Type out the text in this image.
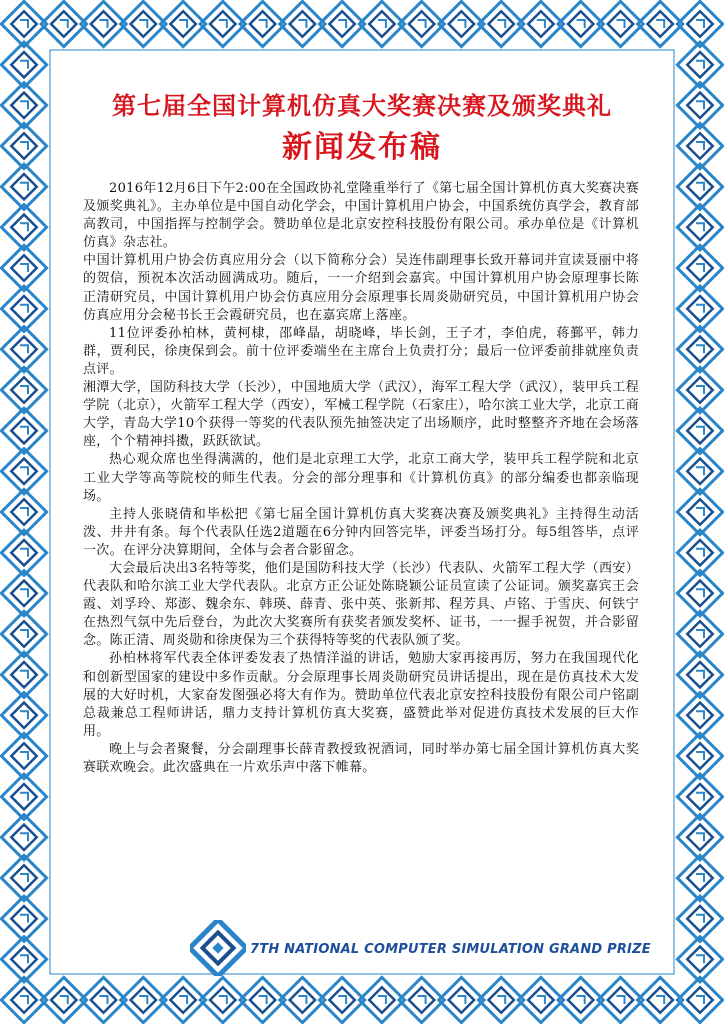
第七届全国计算机仿真大奖赛决赛及颁奖典礼
新闻发布稿

2016年12月6日下午2:00在全国政协礼堂隆重举行了《第七届全国计算机仿真大奖赛决赛及颁奖典礼》。主办单位是中国自动化学会，中国计算机用户协会，中国系统仿真学会，教育部高教司，中国指挥与控制学会。赞助单位是北京安控科技股份有限公司。承办单位是《计算机仿真》杂志社。

中国计算机用户协会仿真应用分会（以下简称分会）吴连伟副理事长致开幕词并宣读聂丽中将的贺信，预祝本次活动圆满成功。随后，一一介绍到会嘉宾。中国计算机用户协会原理事长陈正清研究员，中国计算机用户协会仿真应用分会原理事长周炎勋研究员，中国计算机用户协会仿真应用分会秘书长王会霞研究员，也在嘉宾席上落座。

11位评委孙柏林，黄柯棣，邵峰晶，胡晓峰，毕长剑，王子才，李伯虎，蒋鄞平，韩力群，贾利民，徐庚保到会。前十位评委端坐在主席台上负责打分；最后一位评委前排就座负责点评。

湘潭大学，国防科技大学（长沙），中国地质大学（武汉），海军工程大学（武汉），装甲兵工程学院（北京），火箭军工程大学（西安），军械工程学院（石家庄），哈尔滨工业大学，北京工商大学，青岛大学10个获得一等奖的代表队预先抽签决定了出场顺序，此时整整齐齐地在会场落座，个个精神抖擞，跃跃欲试。

热心观众席也坐得满满的，他们是北京理工大学，北京工商大学，装甲兵工程学院和北京工业大学等高等院校的师生代表。分会的部分理事和《计算机仿真》的部分编委也都亲临现场。

主持人张晓倩和毕松把《第七届全国计算机仿真大奖赛决赛及颁奖典礼》主持得生动活泼、井井有条。每个代表队任选2道题在6分钟内回答完毕，评委当场打分。每5组答毕，点评一次。在评分决算期间，全体与会者合影留念。

大会最后决出3名特等奖，他们是国防科技大学（长沙）代表队、火箭军工程大学（西安）代表队和哈尔滨工业大学代表队。北京方正公证处陈晓颖公证员宣读了公证词。颁奖嘉宾王会霞、刘孚玲、郑澎、魏余东、韩瑛、薛青、张中英、张新邦、程芳具、卢铭、于雪庆、何铁宁在热烈气氛中先后登台，为此次大奖赛所有获奖者颁发奖杯、证书，一一握手祝贺，并合影留念。陈正清、周炎勋和徐庚保为三个获得特等奖的代表队颁了奖。

孙柏林将军代表全体评委发表了热情洋溢的讲话，勉励大家再接再厉，努力在我国现代化和创新型国家的建设中多作贡献。分会原理事长周炎勋研究员讲话提出，现在是仿真技术大发展的大好时机，大家奋发图强必将大有作为。赞助单位代表北京安控科技股份有限公司户铭副总裁兼总工程师讲话，鼎力支持计算机仿真大奖赛，盛赞此举对促进仿真技术发展的巨大作用。

晚上与会者聚餐，分会副理事长薛青教授致祝酒词，同时举办第七届全国计算机仿真大奖赛联欢晚会。此次盛典在一片欢乐声中落下帷幕。

7TH NATIONAL COMPUTER SIMULATION GRAND PRIZE
